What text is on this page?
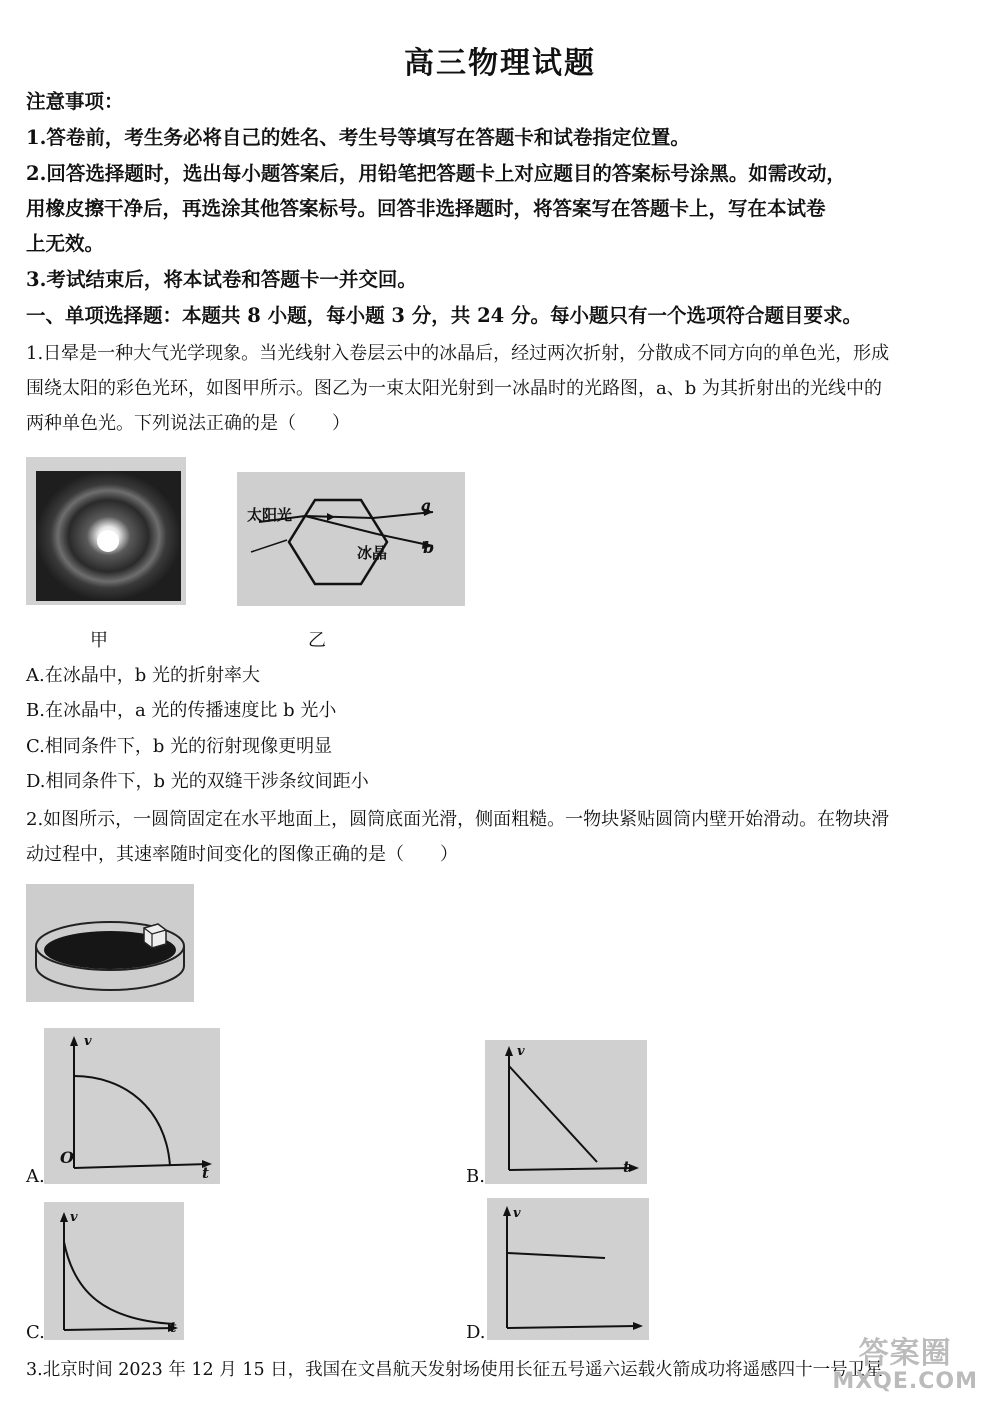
高三物理试题
注意事项：
1.答卷前，考生务必将自己的姓名、考生号等填写在答题卡和试卷指定位置。
2.回答选择题时，选出每小题答案后，用铅笔把答题卡上对应题目的答案标号涂黑。如需改动，
用橡皮擦干净后，再选涂其他答案标号。回答非选择题时，将答案写在答题卡上，写在本试卷
上无效。
3.考试结束后，将本试卷和答题卡一并交回。
一、单项选择题：本题共 8 小题，每小题 3 分，共 24 分。每小题只有一个选项符合题目要求。
1.日晕是一种大气光学现象。当光线射入卷层云中的冰晶后，经过两次折射，分散成不同方向的单色光，形成
围绕太阳的彩色光环，如图甲所示。图乙为一束太阳光射到一冰晶时的光路图，a、b 为其折射出的光线中的
两种单色光。下列说法正确的是（　　）
甲
太阳光
冰晶
a
b
乙
A.在冰晶中，b 光的折射率大
B.在冰晶中，a 光的传播速度比 b 光小
C.相同条件下，b 光的衍射现像更明显
D.相同条件下，b 光的双缝干涉条纹间距小
2.如图所示，一圆筒固定在水平地面上，圆筒底面光滑，侧面粗糙。一物块紧贴圆筒内壁开始滑动。在物块滑
动过程中，其速率随时间变化的图像正确的是（　　）
v
O
t
A.
v
t
B.
v
t
C.
v
D.
3.北京时间 2023 年 12 月 15 日，我国在文昌航天发射场使用长征五号遥六运载火箭成功将遥感四十一号卫星
答案圈
MXQE.COM
